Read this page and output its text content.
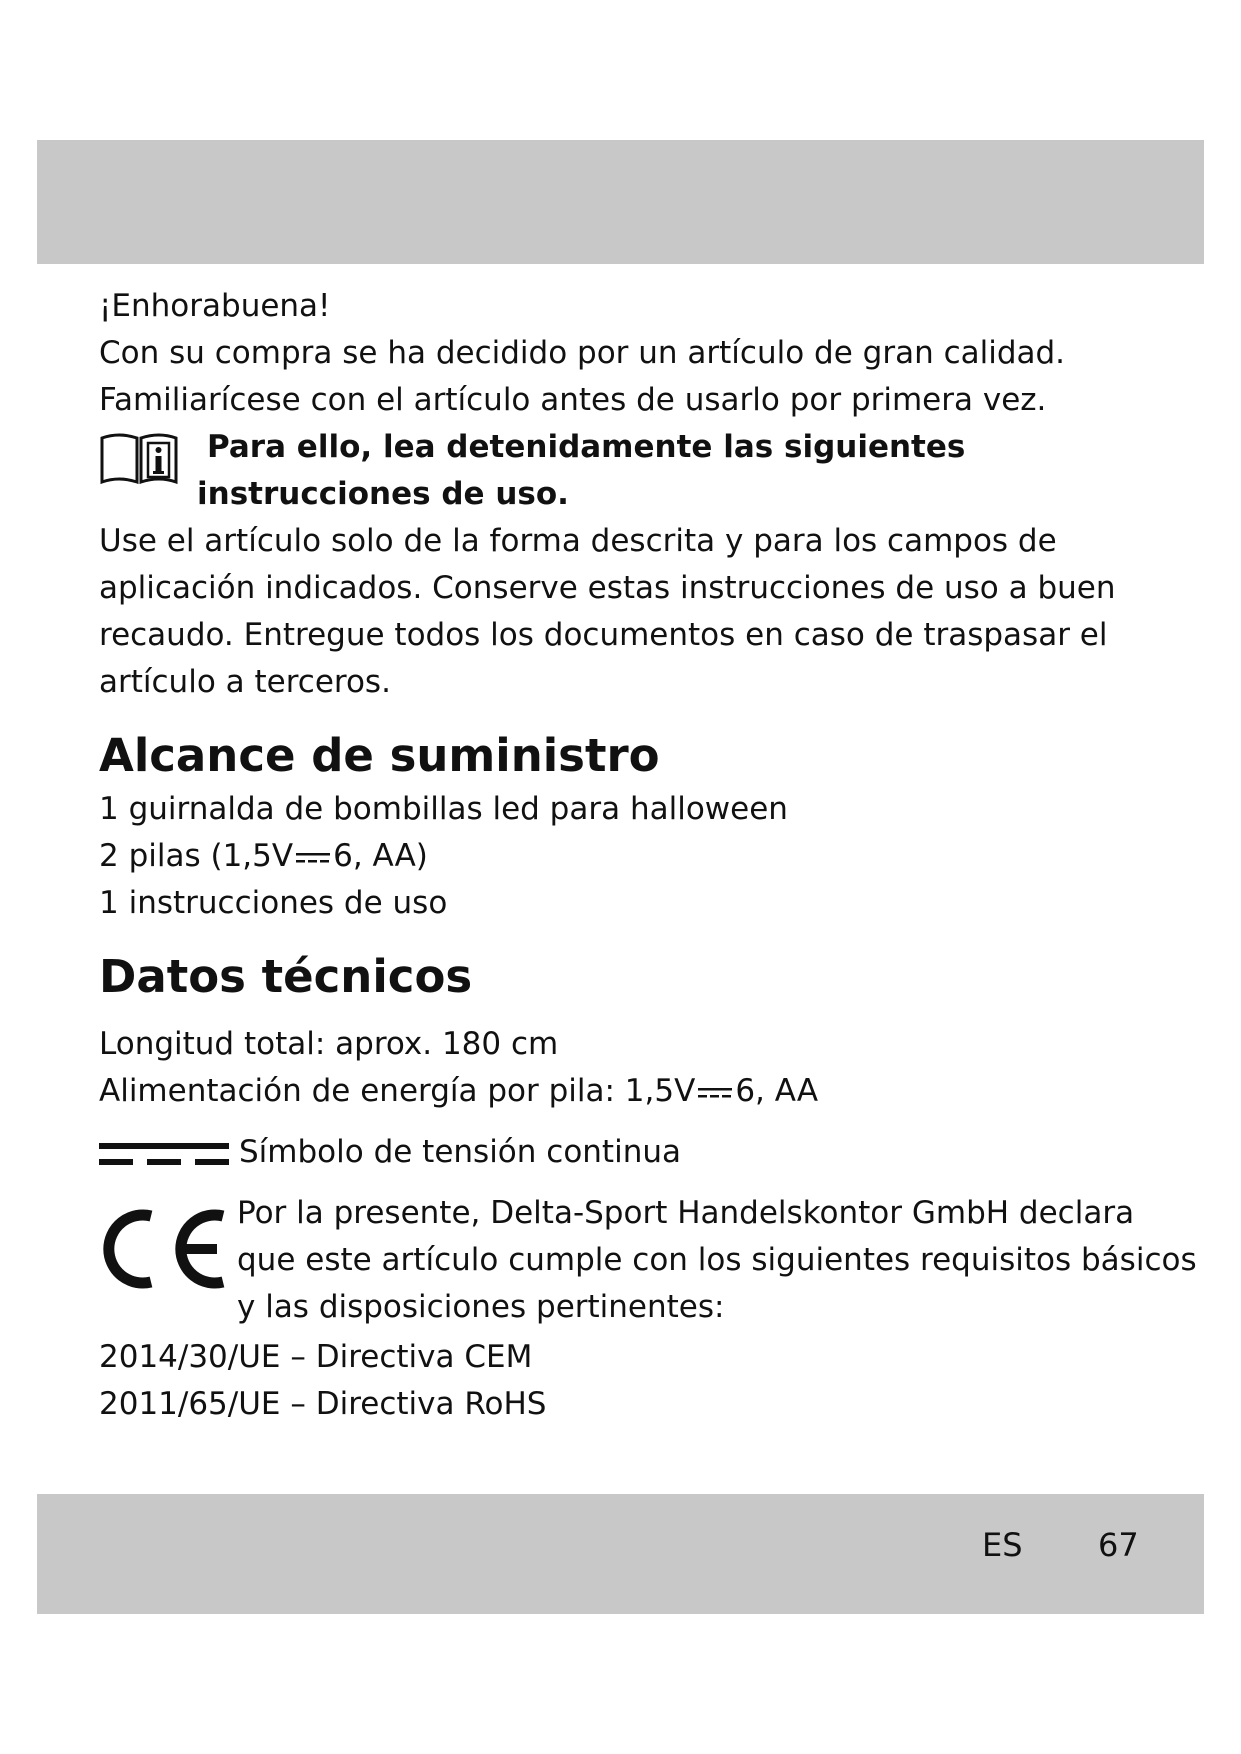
¡Enhorabuena!
Con su compra se ha decidido por un artículo de gran calidad.
Familiarícese con el artículo antes de usarlo por primera vez.
Para ello, lea detenidamente las siguientes
instrucciones de uso.
Use el artículo solo de la forma descrita y para los campos de
aplicación indicados. Conserve estas instrucciones de uso a buen
recaudo. Entregue todos los documentos en caso de traspasar el
artículo a terceros.
Alcance de suministro
1 guirnalda de bombillas led para halloween
2 pilas (1,5V 6, AA)
1 instrucciones de uso
Datos técnicos
Longitud total: aprox. 180 cm
Alimentación de energía por pila: 1,5V 6, AA
Símbolo de tensión continua
Por la presente, Delta-Sport Handelskontor GmbH declara
que este artículo cumple con los siguientes requisitos básicos
y las disposiciones pertinentes:
2014/30/UE – Directiva CEM
2011/65/UE – Directiva RoHS
ES 67
